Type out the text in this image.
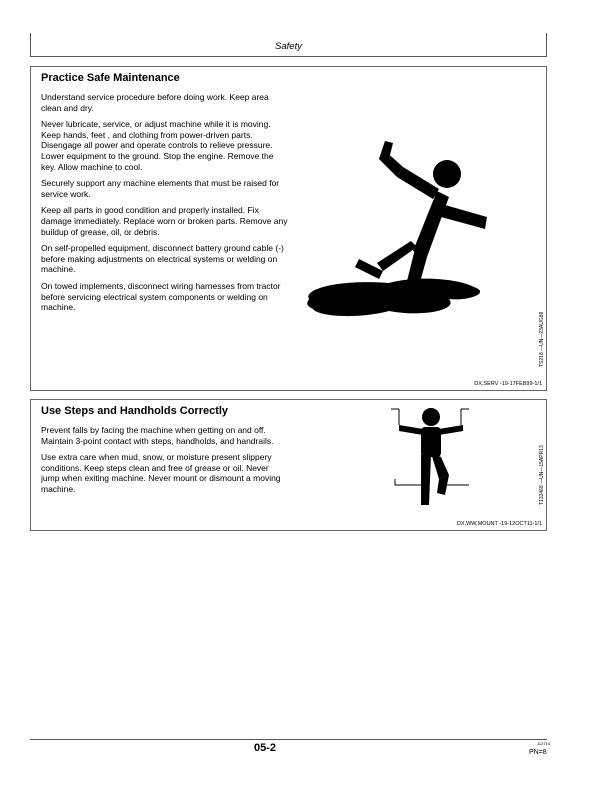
Safety
Practice Safe Maintenance

Understand service procedure before doing work. Keep area clean and dry.

Never lubricate, service, or adjust machine while it is moving. Keep hands, feet , and clothing from power-driven parts. Disengage all power and operate controls to relieve pressure. Lower equipment to the ground. Stop the engine. Remove the key. Allow machine to cool.

Securely support any machine elements that must be raised for service work.

Keep all parts in good condition and properly installed. Fix damage immediately. Replace worn or broken parts. Remove any buildup of grease, oil, or debris.

On self-propelled equipment, disconnect battery ground cable (-) before making adjustments on electrical systems or welding on machine.

On towed implements, disconnect wiring harnesses from tractor before servicing electrical system components or welding on machine.

TS218 —UN—23AUG88
DX,SERV -19-17FEB99-1/1
Use Steps and Handholds Correctly

Prevent falls by facing the machine when getting on and off. Maintain 3-point contact with steps, handholds, and handrails.

Use extra care when mud, snow, or moisture present slippery conditions. Keep steps clean and free of grease or oil. Never jump when exiting machine. Never mount or dismount a moving machine.	T133468 —UN—15APR13
DX,WW,MOUNT -19-12OCT11-1/1
05-2	112714
PN=8
